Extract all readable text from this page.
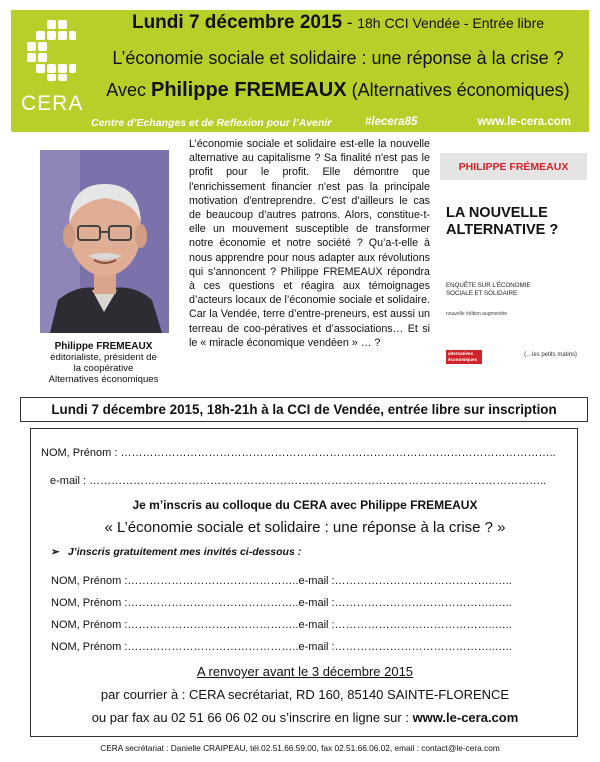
CERA
Lundi 7 décembre 2015 - 18h CCI Vendée - Entrée libre
L’économie sociale et solidaire : une réponse à la crise ?
Avec Philippe FREMEAUX (Alternatives économiques)
Centre d’Echanges et de Reflexion pour l’Avenir	#lecera85	www.le-cera.com
Philippe FREMEAUX
éditorialiste, président de
la coopérative
Alternatives économiques
L’économie sociale et solidaire est-elle la nouvelle alternative au capitalisme ? Sa finalité n'est pas le profit pour le profit. Elle démontre que l'enrichissement financier n'est pas la principale motivation d'entreprendre. C’est d’ailleurs le cas de beaucoup d’autres patrons. Alors, constitue-t-elle un mouvement susceptible de transformer notre économie et notre société ? Qu’a-t-elle à nous apprendre pour nous adapter aux révolutions qui s’annoncent ? Philippe FREMEAUX répondra à ces questions et réagira aux témoignages d’acteurs locaux de l’économie sociale et solidaire. Car la Vendée, terre d’entre-preneurs, est aussi un terreau de coo-pératives et d’associations… Et si le « miracle économique vendéen » … ?
PHILIPPE FRÉMEAUX
LA NOUVELLE ALTERNATIVE ?
ENQUÊTE SUR L’ÉCONOMIE
SOCIALE ET SOLIDAIRE
nouvelle édition augmentée
alternatives
économiques
{…les petits matins}
Lundi 7 décembre 2015, 18h-21h à la CCI de Vendée, entrée libre sur inscription
NOM, Prénom : ………………………………………………………………………………………………………..
e-mail : ……………………………………………………………………………………………………………..
Je m’inscris au colloque du CERA avec Philippe FREMEAUX
« L’économie sociale et solidaire : une réponse à la crise ? »
➢ J’inscris gratuitement mes invités ci-dessous :
NOM, Prénom :………………………………………..e-mail :……………………………………..…..
NOM, Prénom :………………………………………..e-mail :……………………………………..…..
NOM, Prénom :………………………………………..e-mail :……………………………………..…..
NOM, Prénom :………………………………………..e-mail :……………………………………..…..
A renvoyer avant le 3 décembre 2015
par courrier à : CERA secrétariat, RD 160, 85140 SAINTE-FLORENCE
ou par fax au 02 51 66 06 02 ou s’inscrire en ligne sur : www.le-cera.com
CERA secrétariat : Danielle CRAIPEAU, tél.02.51.66.59.00, fax 02.51.66.06.02, email : contact@le-cera.com
